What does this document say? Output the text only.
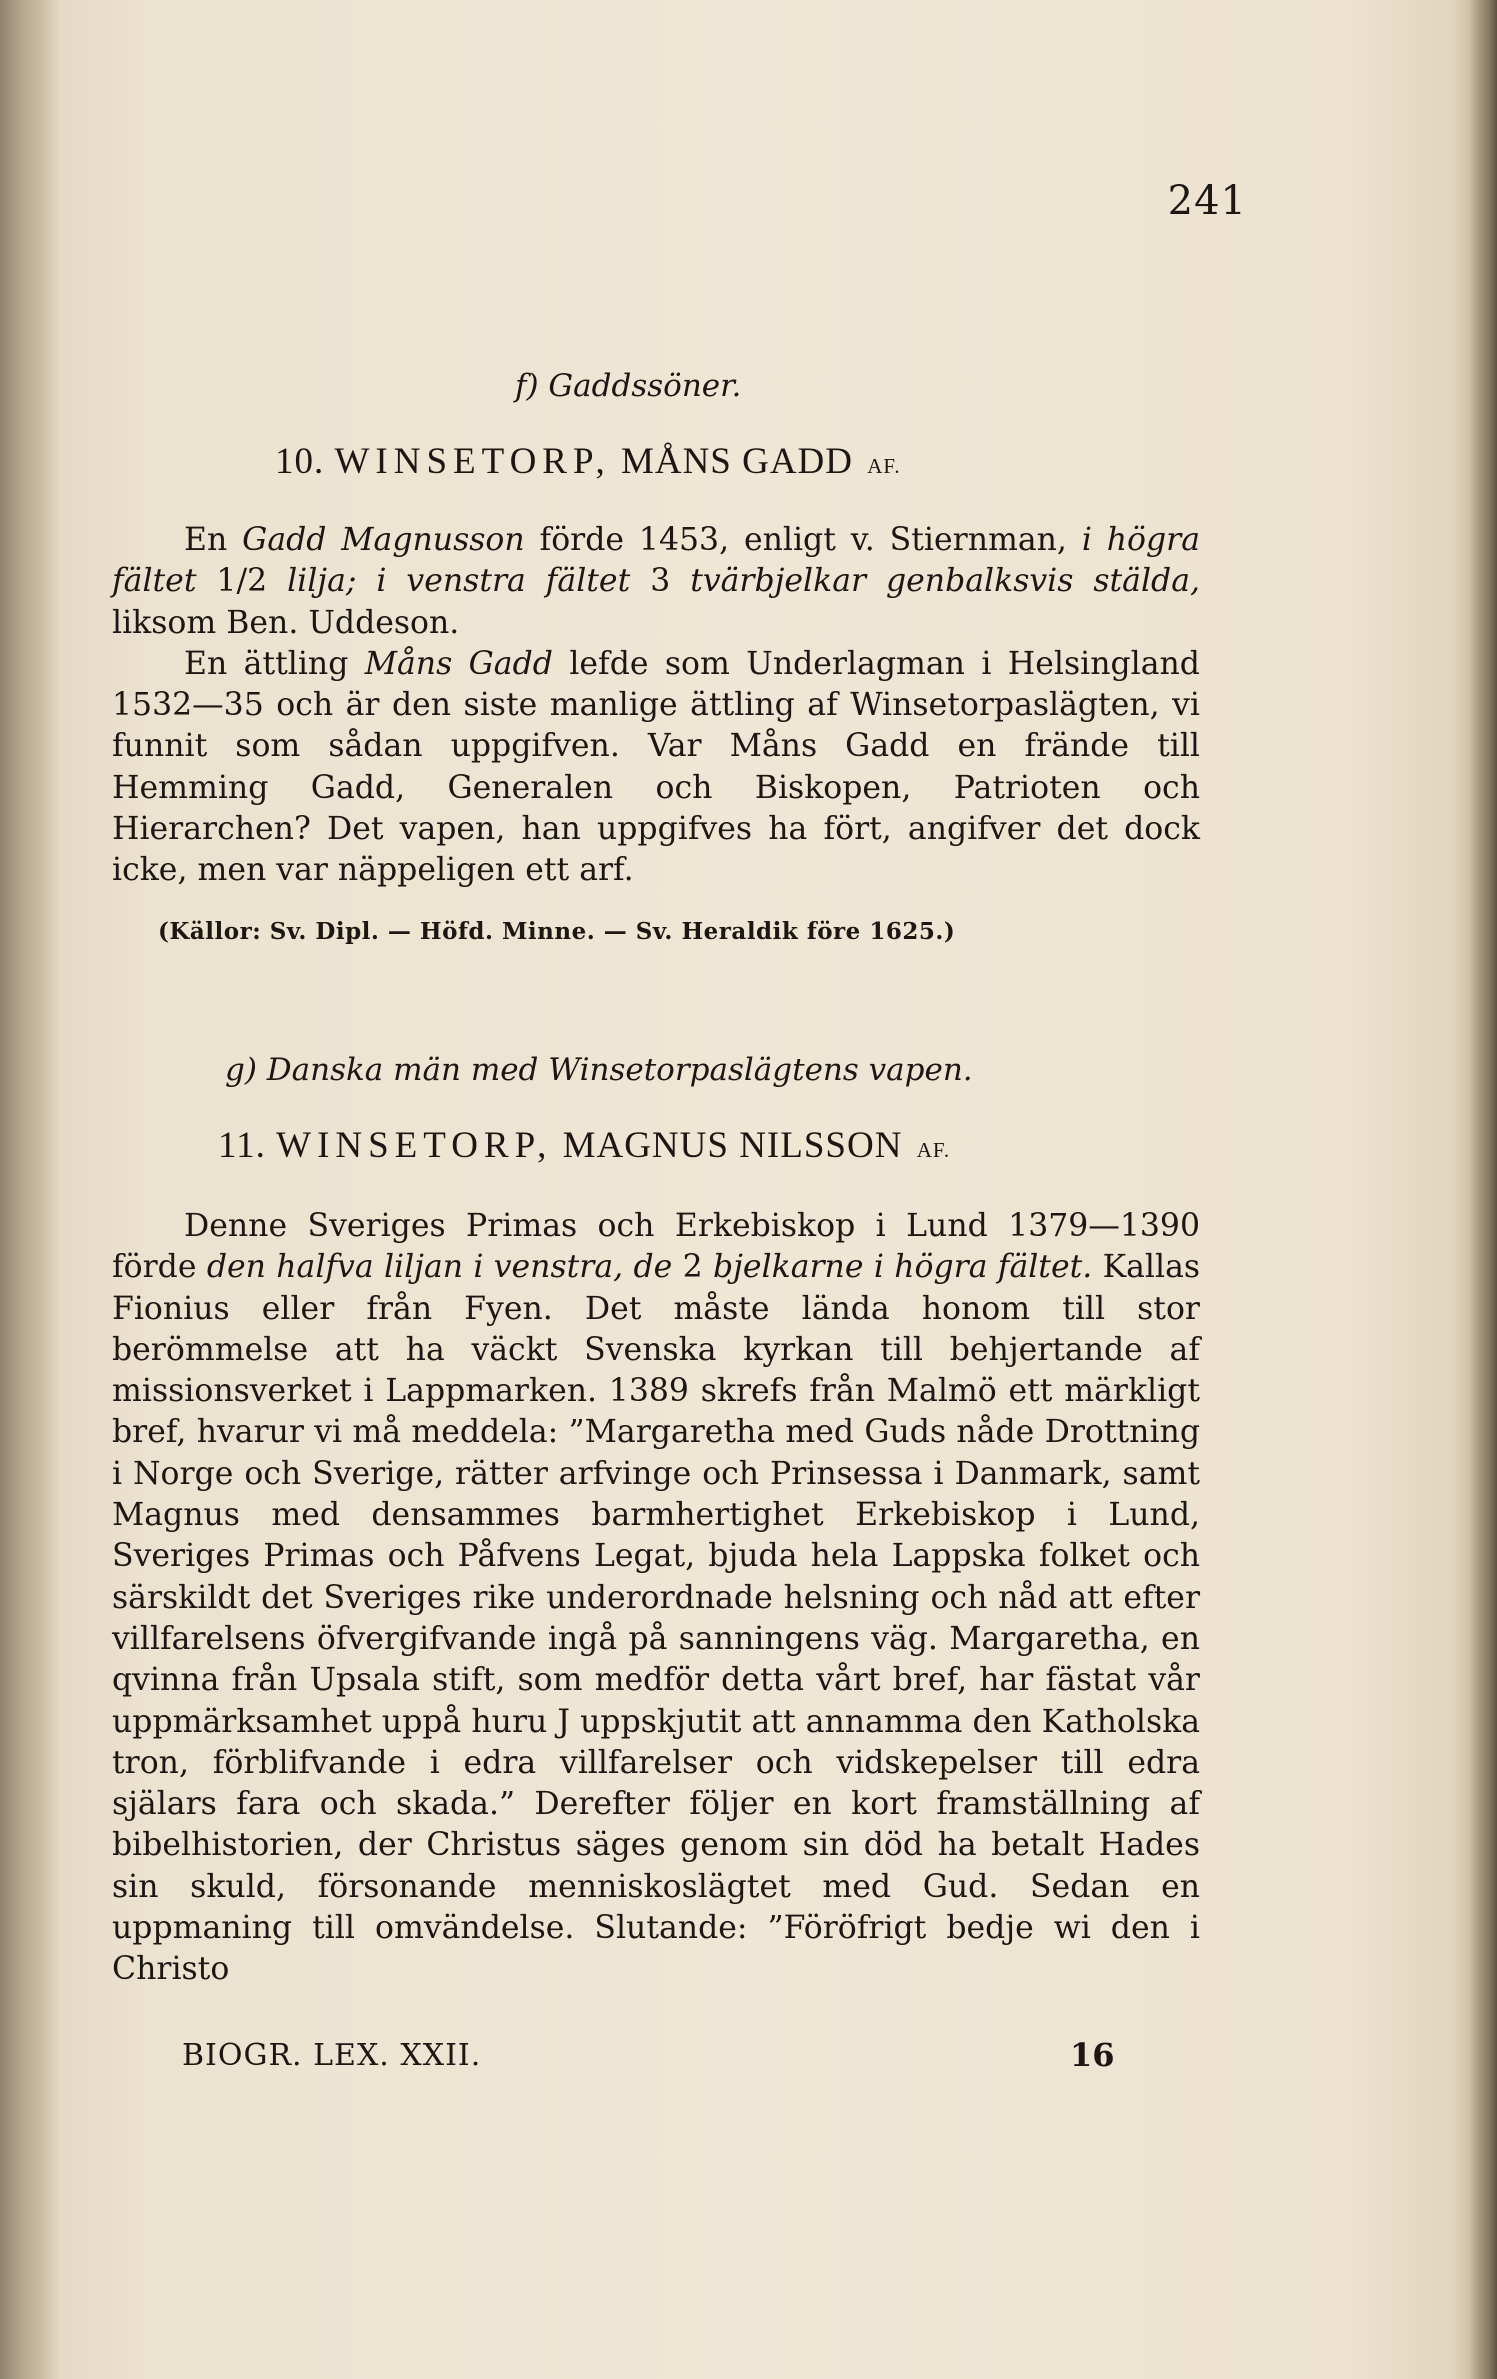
241
f) Gaddssöner.
10. WINSETORP, MÅNS GADD AF.

En Gadd Magnusson förde 1453, enligt v. Stiernman, i högra fältet 1/2 lilja; i venstra fältet 3 tvärbjelkar genbalksvis stälda, liksom Ben. Uddeson.

En ättling Måns Gadd lefde som Underlagman i Helsingland 1532—35 och är den siste manlige ättling af Winsetorpaslägten, vi funnit som sådan uppgifven. Var Måns Gadd en frände till Hemming Gadd, Generalen och Biskopen, Patrioten och Hierarchen? Det vapen, han uppgifves ha fört, angifver det dock icke, men var näppeligen ett arf.

(Källor: Sv. Dipl. — Höfd. Minne. — Sv. Heraldik före 1625.)
g) Danska män med Winsetorpaslägtens vapen.
11. WINSETORP, MAGNUS NILSSON AF.

Denne Sveriges Primas och Erkebiskop i Lund 1379—1390 förde den halfva liljan i venstra, de 2 bjelkarne i högra fältet. Kallas Fionius eller från Fyen. Det måste lända honom till stor berömmelse att ha väckt Svenska kyrkan till behjertande af missionsverket i Lappmarken. 1389 skrefs från Malmö ett märkligt bref, hvarur vi må meddela: ”Margaretha med Guds nåde Drottning i Norge och Sverige, rätter arfvinge och Prinsessa i Danmark, samt Magnus med densammes barmhertighet Erkebiskop i Lund, Sveriges Primas och Påfvens Legat, bjuda hela Lappska folket och särskildt det Sveriges rike underordnade helsning och nåd att efter villfarelsens öfvergifvande ingå på sanningens väg. Margaretha, en qvinna från Upsala stift, som medför detta vårt bref, har fästat vår uppmärksamhet uppå huru J uppskjutit att annamma den Katholska tron, förblifvande i edra villfarelser och vidskepelser till edra själars fara och skada.” Derefter följer en kort framställning af bibelhistorien, der Christus säges genom sin död ha betalt Hades sin skuld, försonande menniskoslägtet med Gud. Sedan en uppmaning till omvändelse. Slutande: ”Föröfrigt bedje wi den i Christo

BIOGR. LEX. XXII.	16
